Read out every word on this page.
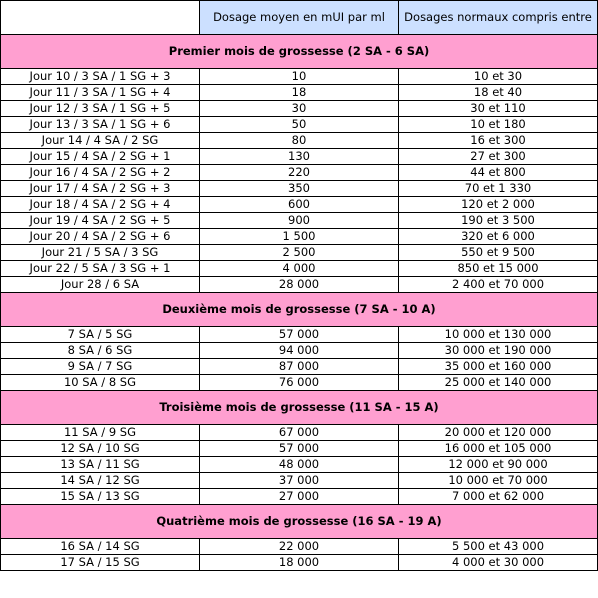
	Dosage moyen en mUI par ml	Dosages normaux compris entre
Premier mois de grossesse (2 SA - 6 SA)		
Jour 10 / 3 SA / 1 SG + 3	10	10 et 30
Jour 11 / 3 SA / 1 SG + 4	18	18 et 40
Jour 12 / 3 SA / 1 SG + 5	30	30 et 110
Jour 13 / 3 SA / 1 SG + 6	50	10 et 180
Jour 14 / 4 SA / 2 SG	80	16 et 300
Jour 15 / 4 SA / 2 SG + 1	130	27 et 300
Jour 16 / 4 SA / 2 SG + 2	220	44 et 800
Jour 17 / 4 SA / 2 SG + 3	350	70 et 1 330
Jour 18 / 4 SA / 2 SG + 4	600	120 et 2 000
Jour 19 / 4 SA / 2 SG + 5	900	190 et 3 500
Jour 20 / 4 SA / 2 SG + 6	1 500	320 et 6 000
Jour 21 / 5 SA / 3 SG	2 500	550 et 9 500
Jour 22 / 5 SA / 3 SG + 1	4 000	850 et 15 000
Jour 28 / 6 SA	28 000	2 400 et 70 000
Deuxième mois de grossesse (7 SA - 10 A)		
7 SA / 5 SG	57 000	10 000 et 130 000
8 SA / 6 SG	94 000	30 000 et 190 000
9 SA / 7 SG	87 000	35 000 et 160 000
10 SA / 8 SG	76 000	25 000 et 140 000
Troisième mois de grossesse (11 SA - 15 A)		
11 SA / 9 SG	67 000	20 000 et 120 000
12 SA / 10 SG	57 000	16 000 et 105 000
13 SA / 11 SG	48 000	12 000 et 90 000
14 SA / 12 SG	37 000	10 000 et 70 000
15 SA / 13 SG	27 000	7 000 et 62 000
Quatrième mois de grossesse (16 SA - 19 A)		
16 SA / 14 SG	22 000	5 500 et 43 000
17 SA / 15 SG	18 000	4 000 et 30 000
